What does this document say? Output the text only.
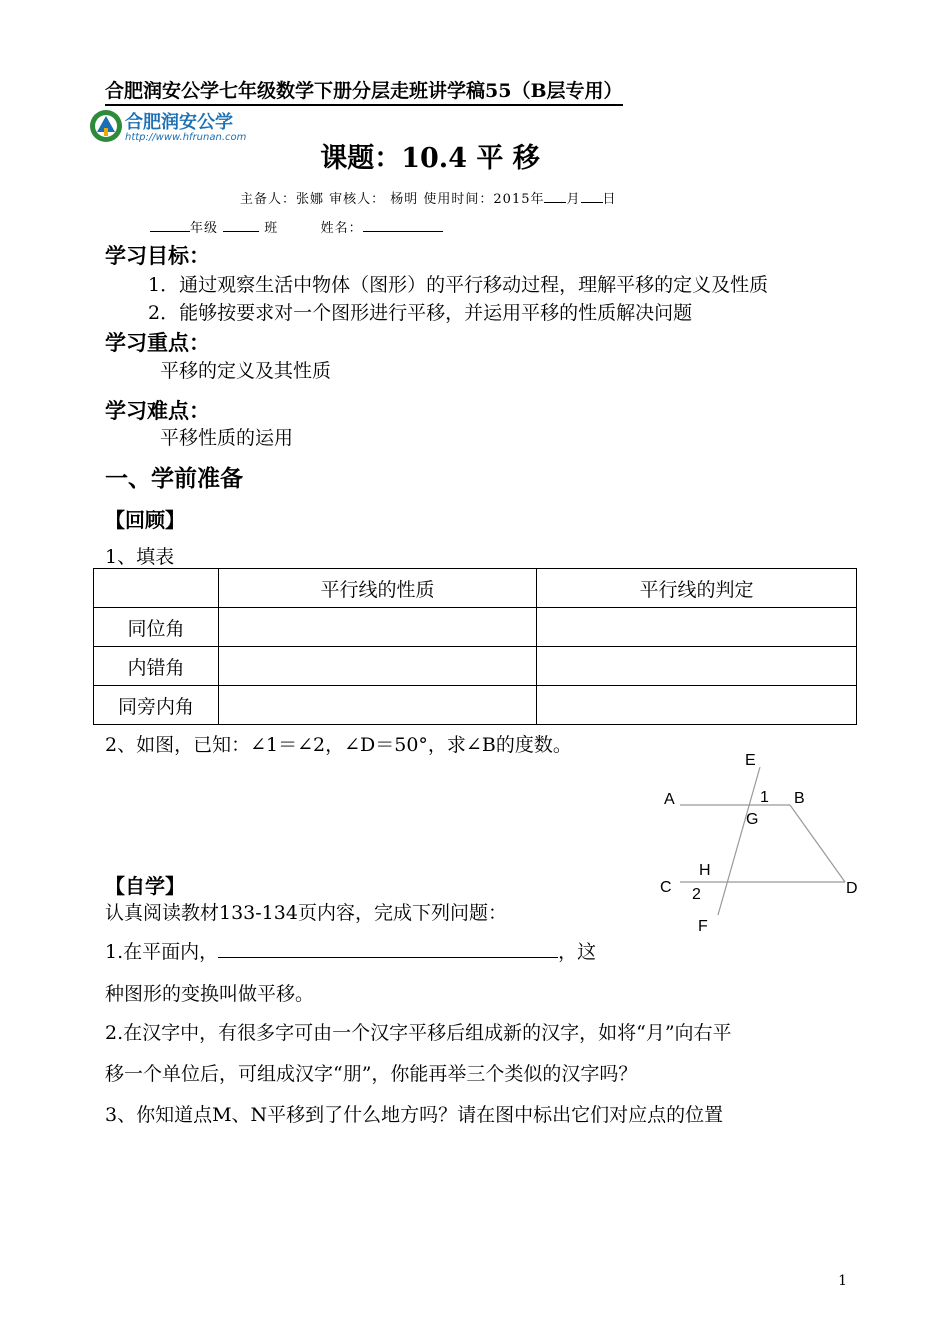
合肥润安公学七年级数学下册分层走班讲学稿55（B层专用）
合肥润安公学
http://www.hfrunan.com
课题：10.4 平 移
主备人：张娜 审核人： 杨明 使用时间：2015年 月 日
年级	班	姓名：
学习目标：
1．通过观察生活中物体（图形）的平行移动过程，理解平移的定义及性质
2．能够按要求对一个图形进行平移，并运用平移的性质解决问题
学习重点：
平移的定义及其性质
学习难点：
平移性质的运用
一、学前准备
【回顾】
1、填表
	平行线的性质	平行线的判定
同位角		
内错角		
同旁内角		
2、如图，已知：∠1＝∠2，∠D＝50°，求∠B的度数。
E
A	1 B
G
H
C 2	D
F
【自学】
认真阅读教材133-134页内容，完成下列问题：
1.在平面内，	，这
种图形的变换叫做平移。
2.在汉字中，有很多字可由一个汉字平移后组成新的汉字，如将“月”向右平
移一个单位后，可组成汉字“朋”，你能再举三个类似的汉字吗？
3、你知道点M、N平移到了什么地方吗？请在图中标出它们对应点的位置
1
